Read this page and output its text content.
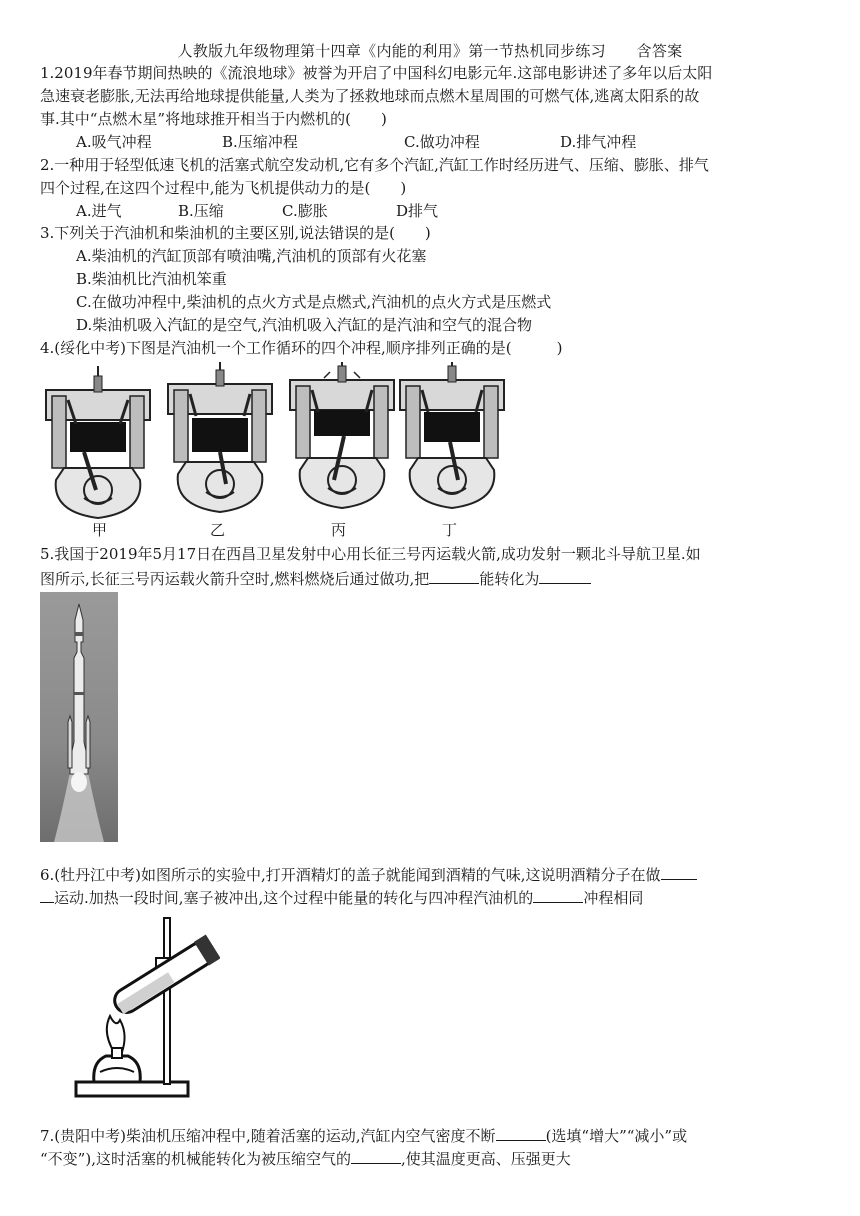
人教版九年级物理第十四章《内能的利用》第一节热机同步练习　　含答案
1.2019年春节期间热映的《流浪地球》被誉为开启了中国科幻电影元年.这部电影讲述了多年以后太阳
急速衰老膨胀,无法再给地球提供能量,人类为了拯救地球而点燃木星周围的可燃气体,逃离太阳系的故
事.其中“点燃木星”将地球推开相当于内燃机的(　　)
A.吸气冲程	B.压缩冲程	C.做功冲程	D.排气冲程
2.一种用于轻型低速飞机的活塞式航空发动机,它有多个汽缸,汽缸工作时经历进气、压缩、膨胀、排气
四个过程,在这四个过程中,能为飞机提供动力的是(　　)
A.进气	B.压缩	C.膨胀	D排气
3.下列关于汽油机和柴油机的主要区别,说法错误的是(　　)
A.柴油机的汽缸顶部有喷油嘴,汽油机的顶部有火花塞
B.柴油机比汽油机笨重
C.在做功冲程中,柴油机的点火方式是点燃式,汽油机的点火方式是压燃式
D.柴油机吸入汽缸的是空气,汽油机吸入汽缸的是汽油和空气的混合物
4.(绥化中考)下图是汽油机一个工作循环的四个冲程,顺序排列正确的是(　　　)
甲	乙	丙	丁
5.我国于2019年5月17日在西昌卫星发射中心用长征三号丙运载火箭,成功发射一颗北斗导航卫星.如
图所示,长征三号丙运载火箭升空时,燃料燃烧后通过做功,把	能转化为
6.(牡丹江中考)如图所示的实验中,打开酒精灯的盖子就能闻到酒精的气味,这说明酒精分子在做
运动.加热一段时间,塞子被冲出,这个过程中能量的转化与四冲程汽油机的	冲程相同
7.(贵阳中考)柴油机压缩冲程中,随着活塞的运动,汽缸内空气密度不断	(选填“增大”“减小”或
“不变”),这时活塞的机械能转化为被压缩空气的	,使其温度更高、压强更大
